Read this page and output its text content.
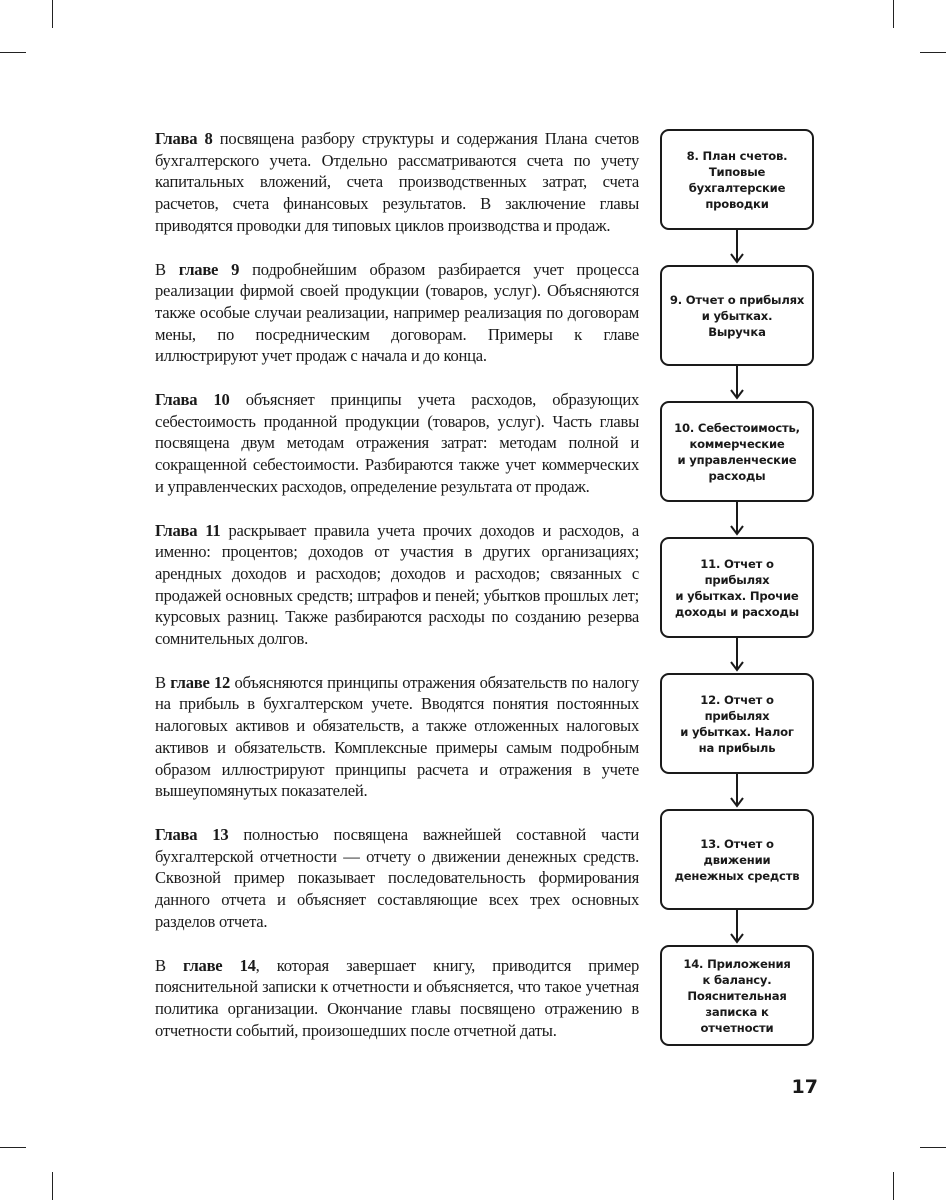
Глава 8 посвящена разбору структуры и содержания Плана счетов бухгалтерского учета. Отдельно рассматриваются счета по учету капитальных вложений, счета производственных затрат, счета расчетов, счета финансовых результатов. В заключение главы приводятся проводки для типовых циклов производства и продаж.

В главе 9 подробнейшим образом разбирается учет процесса реализации фирмой своей продукции (товаров, услуг). Объясняются также особые случаи реализации, например реализация по договорам мены, по посредническим договорам. Примеры к главе иллюстрируют учет продаж с начала и до конца.

Глава 10 объясняет принципы учета расходов, образующих себестоимость проданной продукции (товаров, услуг). Часть главы посвящена двум методам отражения затрат: методам полной и сокращенной себестоимости. Разбираются также учет коммерческих и управленческих расходов, определение результата от продаж.

Глава 11 раскрывает правила учета прочих доходов и расходов, а именно: процентов; доходов от участия в других организациях; арендных доходов и расходов; доходов и расходов; связанных с продажей основных средств; штрафов и пеней; убытков прошлых лет; курсовых разниц. Также разбираются расходы по созданию резерва сомнительных долгов.

В главе 12 объясняются принципы отражения обязательств по налогу на прибыль в бухгалтерском учете. Вводятся понятия постоянных налоговых активов и обязательств, а также отложенных налоговых активов и обязательств. Комплексные примеры самым подробным образом иллюстрируют принципы расчета и отражения в учете вышеупомянутых показателей.

Глава 13 полностью посвящена важнейшей составной части бухгалтерской отчетности — отчету о движении денежных средств. Сквозной пример показывает последовательность формирования данного отчета и объясняет составляющие всех трех основных разделов отчета.

В главе 14, которая завершает книгу, приводится пример пояснительной записки к отчетности и объясняется, что такое учетная политика организации. Окончание главы посвящено отражению в отчетности событий, произошедших после отчетной даты.

8. План счетов.
Типовые
бухгалтерские
проводки
9. Отчет о прибылях
и убытках.
Выручка
10. Себестоимость,
коммерческие
и управленческие
расходы
11. Отчет о прибылях
и убытках. Прочие
доходы и расходы
12. Отчет о прибылях
и убытках. Налог
на прибыль
13. Отчет о движении
денежных средств
14. Приложения
к балансу.
Пояснительная
записка к отчетности
17
